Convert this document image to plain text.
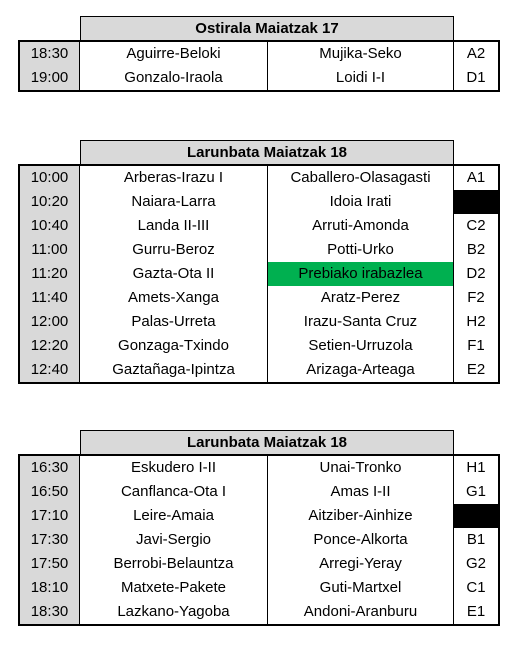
Ostirala Maiatzak 17
18:30	Aguirre-Beloki	Mujika-Seko	A2
19:00	Gonzalo-Iraola	Loidi I-I	D1
Larunbata Maiatzak 18
10:00	Arberas-Irazu I	Caballero-Olasagasti	A1
10:20	Naiara-Larra	Idoia Irati
10:40	Landa II-III	Arruti-Amonda	C2
11:00	Gurru-Beroz	Potti-Urko	B2
11:20	Gazta-Ota II	Prebiako irabazlea	D2
11:40	Amets-Xanga	Aratz-Perez	F2
12:00	Palas-Urreta	Irazu-Santa Cruz	H2
12:20	Gonzaga-Txindo	Setien-Urruzola	F1
12:40	Gaztañaga-Ipintza	Arizaga-Arteaga	E2
Larunbata Maiatzak 18
16:30	Eskudero I-II	Unai-Tronko	H1
16:50	Canflanca-Ota I	Amas I-II	G1
17:10	Leire-Amaia	Aitziber-Ainhize
17:30	Javi-Sergio	Ponce-Alkorta	B1
17:50	Berrobi-Belauntza	Arregi-Yeray	G2
18:10	Matxete-Pakete	Guti-Martxel	C1
18:30	Lazkano-Yagoba	Andoni-Aranburu	E1
